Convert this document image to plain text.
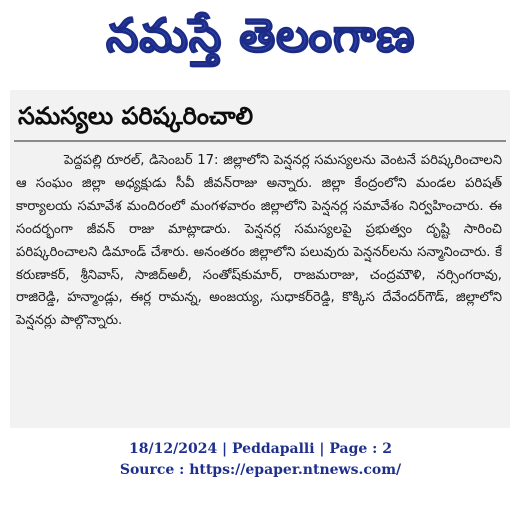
నమస్తే తెలంగాణ
సమస్యలు పరిష్కరించాలి
పెద్దపల్లి రూరల్, డిసెంబర్ 17: జిల్లాలోని పెన్షనర్ల సమస్యలను వెంటనే పరిష్కరించాలని ఆ సంఘం జిల్లా అధ్యక్షుడు సీవీ జీవన్‌రాజు అన్నారు. జిల్లా కేంద్రంలోని మండల పరిషత్ కార్యాలయ సమావేశ మందిరంలో మంగళవారం జిల్లాలోని పెన్షనర్ల సమావేశం నిర్వహించారు. ఈ సందర్భంగా జీవన్ రాజు మాట్లాడారు. పెన్షనర్ల సమస్యలపై ప్రభుత్వం దృష్టి సారించి పరిష్కరించాలని డిమాండ్ చేశారు. అనంతరం జిల్లాలోని పలువురు పెన్షనర్‌లను సన్మానించారు. కే కరుణాకర్, శ్రీనివాస్, సాజిద్‌అలీ, సంతోష్‌కుమార్, రాజమరాజు, చంద్రమౌళి, నర్సింగరావు, రాజిరెడ్డి, హన్మాండ్లు, ఈర్ల రామన్న, అంజయ్య, సుధాకర్‌రెడ్డి, కొక్కిస దేవేందర్‌గౌడ్, జిల్లాలోని పెన్షనర్లు పాల్గొన్నారు.
18/12/2024 | Peddapalli | Page : 2
Source : https://epaper.ntnews.com/
